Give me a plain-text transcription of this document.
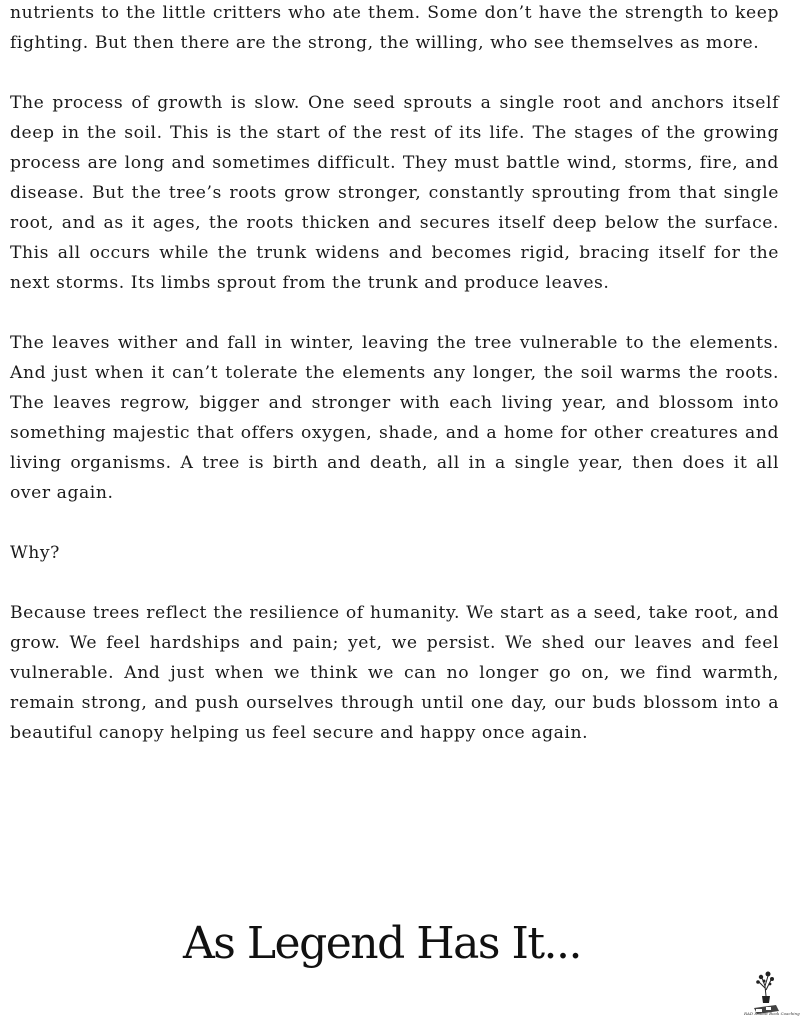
nutrients to the little critters who ate them. Some don’t have the strength to keep fighting. But then there are the strong, the willing, who see themselves as more.

The process of growth is slow. One seed sprouts a single root and anchors itself deep in the soil. This is the start of the rest of its life. The stages of the growing process are long and sometimes difficult. They must battle wind, storms, fire, and disease. But the tree’s roots grow stronger, constantly sprouting from that single root, and as it ages, the roots thicken and secures itself deep below the surface. This all occurs while the trunk widens and becomes rigid, bracing itself for the next storms. Its limbs sprout from the trunk and produce leaves.

The leaves wither and fall in winter, leaving the tree vulnerable to the elements. And just when it can’t tolerate the elements any longer, the soil warms the roots. The leaves regrow, bigger and stronger with each living year, and blossom into something majestic that offers oxygen, shade, and a home for other creatures and living organisms. A tree is birth and death, all in a single year, then does it all over again.

Why?

Because trees reflect the resilience of humanity. We start as a seed, take root, and grow. We feel hardships and pain; yet, we persist. We shed our leaves and feel vulnerable. And just when we think we can no longer go on, we find warmth, remain strong, and push ourselves through until one day, our buds blossom into a beautiful canopy helping us feel secure and happy once again.

As Legend Has It...
RAD Rabbit Book Coaching
